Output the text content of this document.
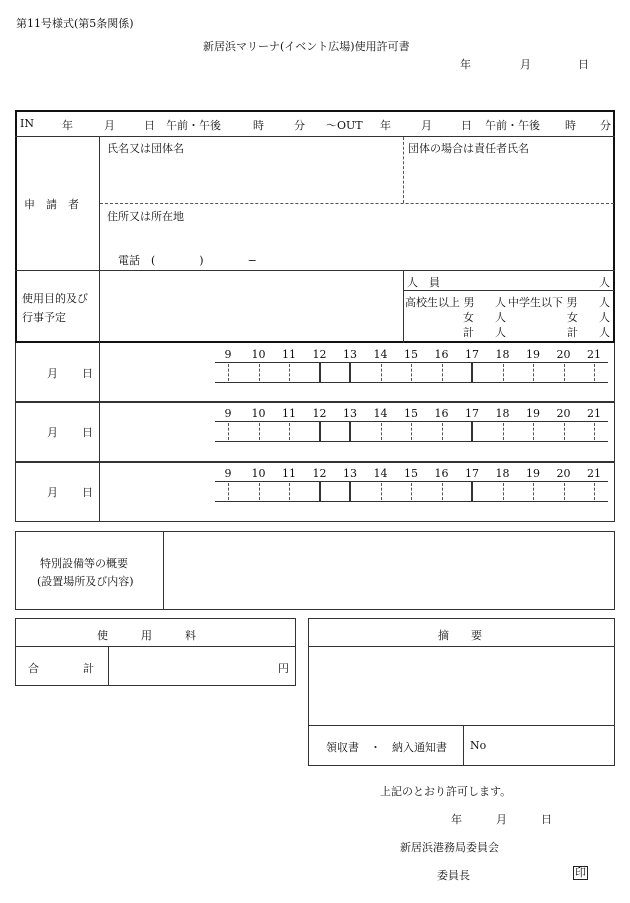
第11号様式(第5条関係)
新居浜マリーナ(イベント広場)使用許可書
年	月	日
IN	年	月	日 午前・午後	時	分 〜OUT 年	月	日 午前・午後 時 分
申　請　者
氏名又は団体名	団体の場合は責任者氏名
住所又は所在地
電話　(　　　　)　　　　−
使用目的及び
行事予定
人　員	人
高校生以上 男 人 中学生以下 男 人
女 人	女 人
計 人	計 人
月 日
9	10	11	12	13	14	15	16	17	18	19	20	21
月 日
9	10	11	12	13	14	15	16	17	18	19	20	21
月 日
9	10	11	12	13	14	15	16	17	18	19	20	21
特別設備等の概要
(設置場所及び内容)
使　　　用　　　料
合　　　　計	円
摘　　要
領収書　・　納入通知書 No
上記のとおり許可します。
年	月	日
新居浜港務局委員会
委員長	印
